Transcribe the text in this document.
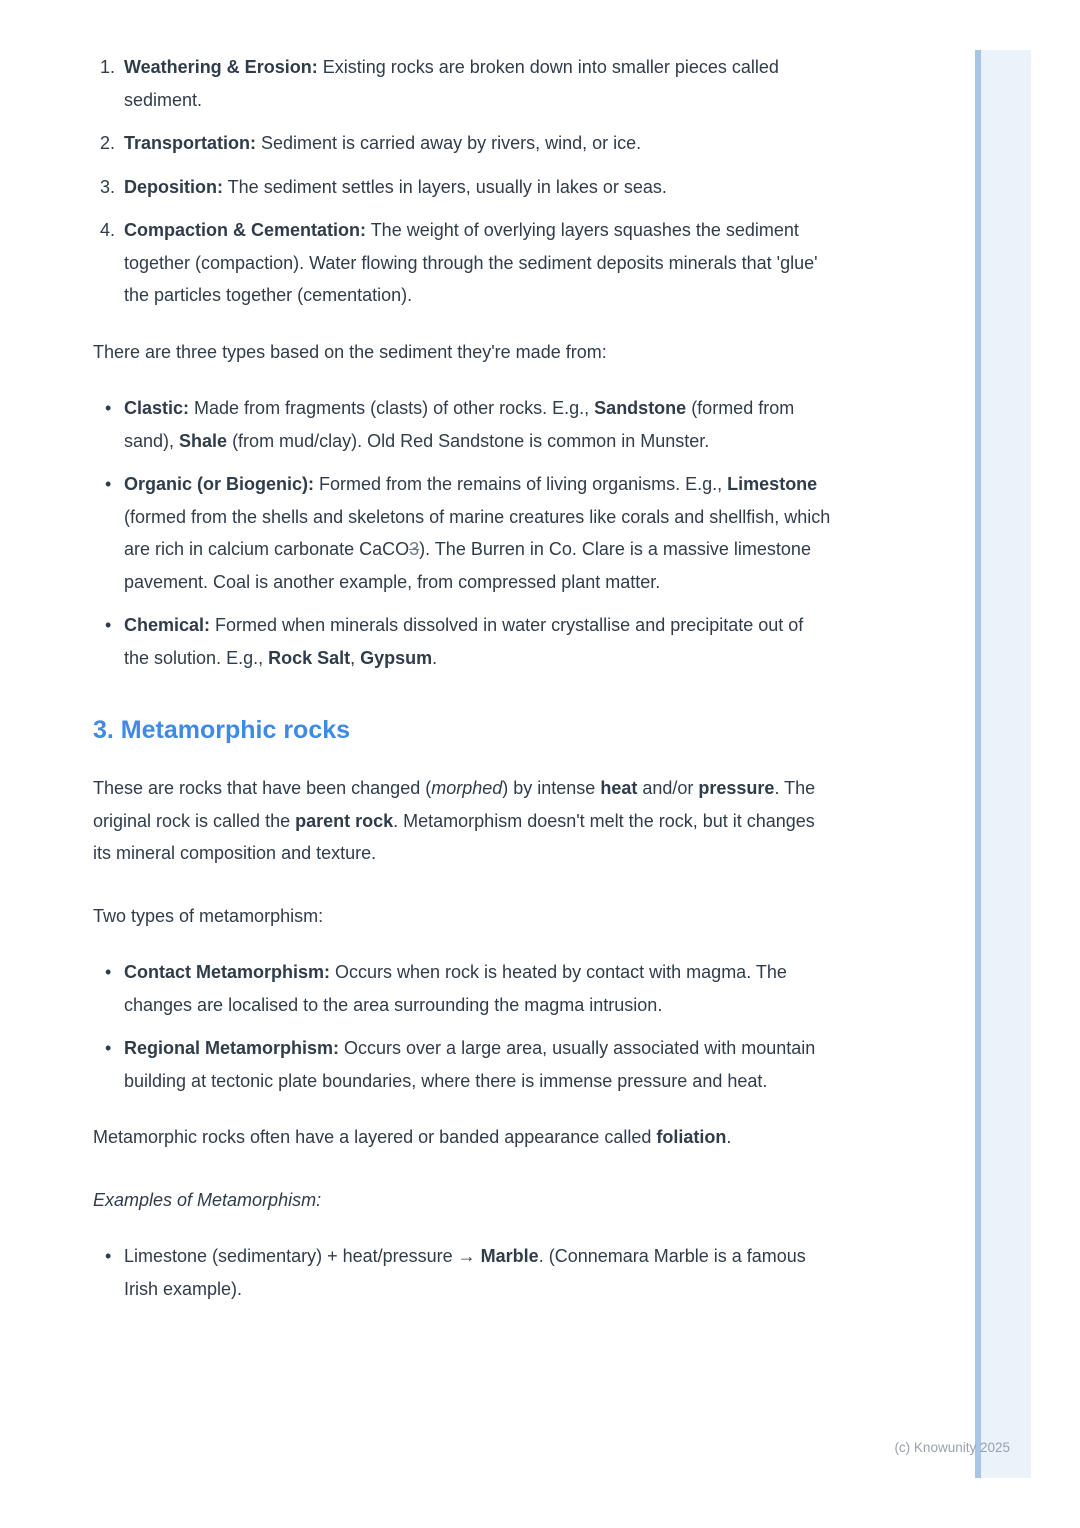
1. Weathering & Erosion: Existing rocks are broken down into smaller pieces called sediment.
2. Transportation: Sediment is carried away by rivers, wind, or ice.
3. Deposition: The sediment settles in layers, usually in lakes or seas.
4. Compaction & Cementation: The weight of overlying layers squashes the sediment together (compaction). Water flowing through the sediment deposits minerals that 'glue' the particles together (cementation).

There are three types based on the sediment they're made from:

• Clastic: Made from fragments (clasts) of other rocks. E.g., Sandstone (formed from sand), Shale (from mud/clay). Old Red Sandstone is common in Munster.
• Organic (or Biogenic): Formed from the remains of living organisms. E.g., Limestone (formed from the shells and skeletons of marine creatures like corals and shellfish, which are rich in calcium carbonate CaCO3). The Burren in Co. Clare is a massive limestone pavement. Coal is another example, from compressed plant matter.
• Chemical: Formed when minerals dissolved in water crystallise and precipitate out of the solution. E.g., Rock Salt, Gypsum.
3. Metamorphic rocks

These are rocks that have been changed (morphed) by intense heat and/or pressure. The original rock is called the parent rock. Metamorphism doesn't melt the rock, but it changes its mineral composition and texture.

Two types of metamorphism:

• Contact Metamorphism: Occurs when rock is heated by contact with magma. The changes are localised to the area surrounding the magma intrusion.
• Regional Metamorphism: Occurs over a large area, usually associated with mountain building at tectonic plate boundaries, where there is immense pressure and heat.

Metamorphic rocks often have a layered or banded appearance called foliation.

Examples of Metamorphism:

• Limestone (sedimentary) + heat/pressure → Marble. (Connemara Marble is a famous Irish example).
(c) Knowunity 2025
